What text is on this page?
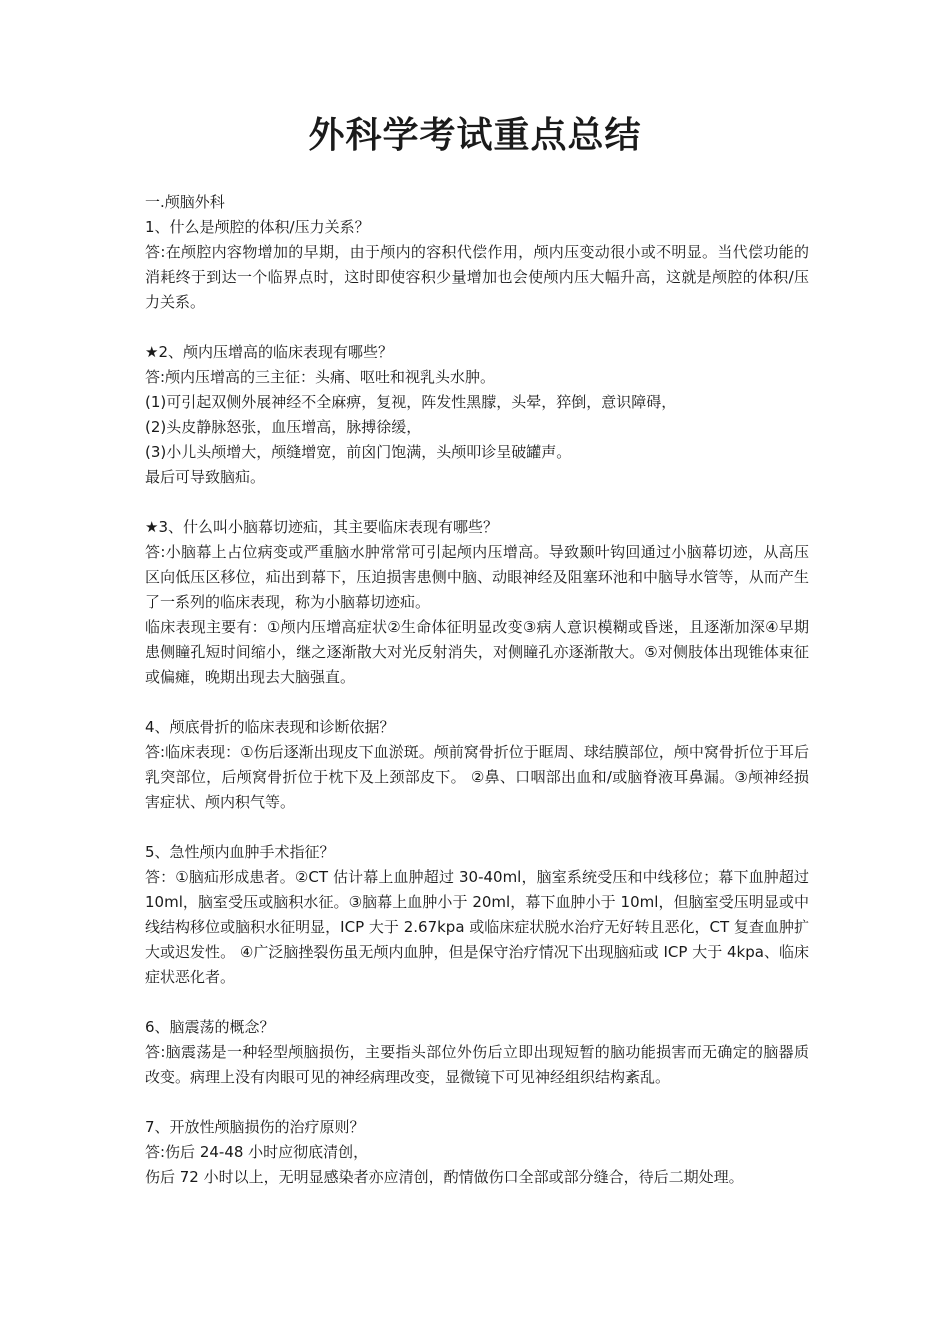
外科学考试重点总结

一.颅脑外科

1、什么是颅腔的体积/压力关系？

答:在颅腔内容物增加的早期，由于颅内的容积代偿作用，颅内压变动很小或不明显。当代偿功能的消耗终于到达一个临界点时，这时即使容积少量增加也会使颅内压大幅升高，这就是颅腔的体积/压力关系。

★2、颅内压增高的临床表现有哪些？

答:颅内压增高的三主征：头痛、呕吐和视乳头水肿。

(1)可引起双侧外展神经不全麻痹，复视，阵发性黑朦，头晕，猝倒，意识障碍，

(2)头皮静脉怒张，血压增高，脉搏徐缓，

(3)小儿头颅增大，颅缝增宽，前囟门饱满，头颅叩诊呈破罐声。

最后可导致脑疝。

★3、什么叫小脑幕切迹疝，其主要临床表现有哪些？

答:小脑幕上占位病变或严重脑水肿常常可引起颅内压增高。导致颞叶钩回通过小脑幕切迹，从高压区向低压区移位，疝出到幕下，压迫损害患侧中脑、动眼神经及阻塞环池和中脑导水管等，从而产生了一系列的临床表现，称为小脑幕切迹疝。

临床表现主要有：①颅内压增高症状②生命体征明显改变③病人意识模糊或昏迷，且逐渐加深④早期患侧瞳孔短时间缩小，继之逐渐散大对光反射消失，对侧瞳孔亦逐渐散大。⑤对侧肢体出现锥体束征或偏瘫，晚期出现去大脑强直。

4、颅底骨折的临床表现和诊断依据？

答:临床表现：①伤后逐渐出现皮下血淤斑。颅前窝骨折位于眶周、球结膜部位，颅中窝骨折位于耳后乳突部位，后颅窝骨折位于枕下及上颈部皮下。 ②鼻、口咽部出血和/或脑脊液耳鼻漏。③颅神经损害症状、颅内积气等。

5、急性颅内血肿手术指征？

答：①脑疝形成患者。②CT 估计幕上血肿超过 30-40ml，脑室系统受压和中线移位；幕下血肿超过 10ml，脑室受压或脑积水征。③脑幕上血肿小于 20ml，幕下血肿小于 10ml，但脑室受压明显或中线结构移位或脑积水征明显，ICP 大于 2.67kpa 或临床症状脱水治疗无好转且恶化，CT 复查血肿扩大或迟发性。 ④广泛脑挫裂伤虽无颅内血肿，但是保守治疗情况下出现脑疝或 ICP 大于 4kpa、临床症状恶化者。

6、脑震荡的概念？

答:脑震荡是一种轻型颅脑损伤，主要指头部位外伤后立即出现短暂的脑功能损害而无确定的脑器质改变。病理上没有肉眼可见的神经病理改变，显微镜下可见神经组织结构紊乱。

7、开放性颅脑损伤的治疗原则？

答:伤后 24-48 小时应彻底清创，

伤后 72 小时以上，无明显感染者亦应清创，酌情做伤口全部或部分缝合，待后二期处理。
